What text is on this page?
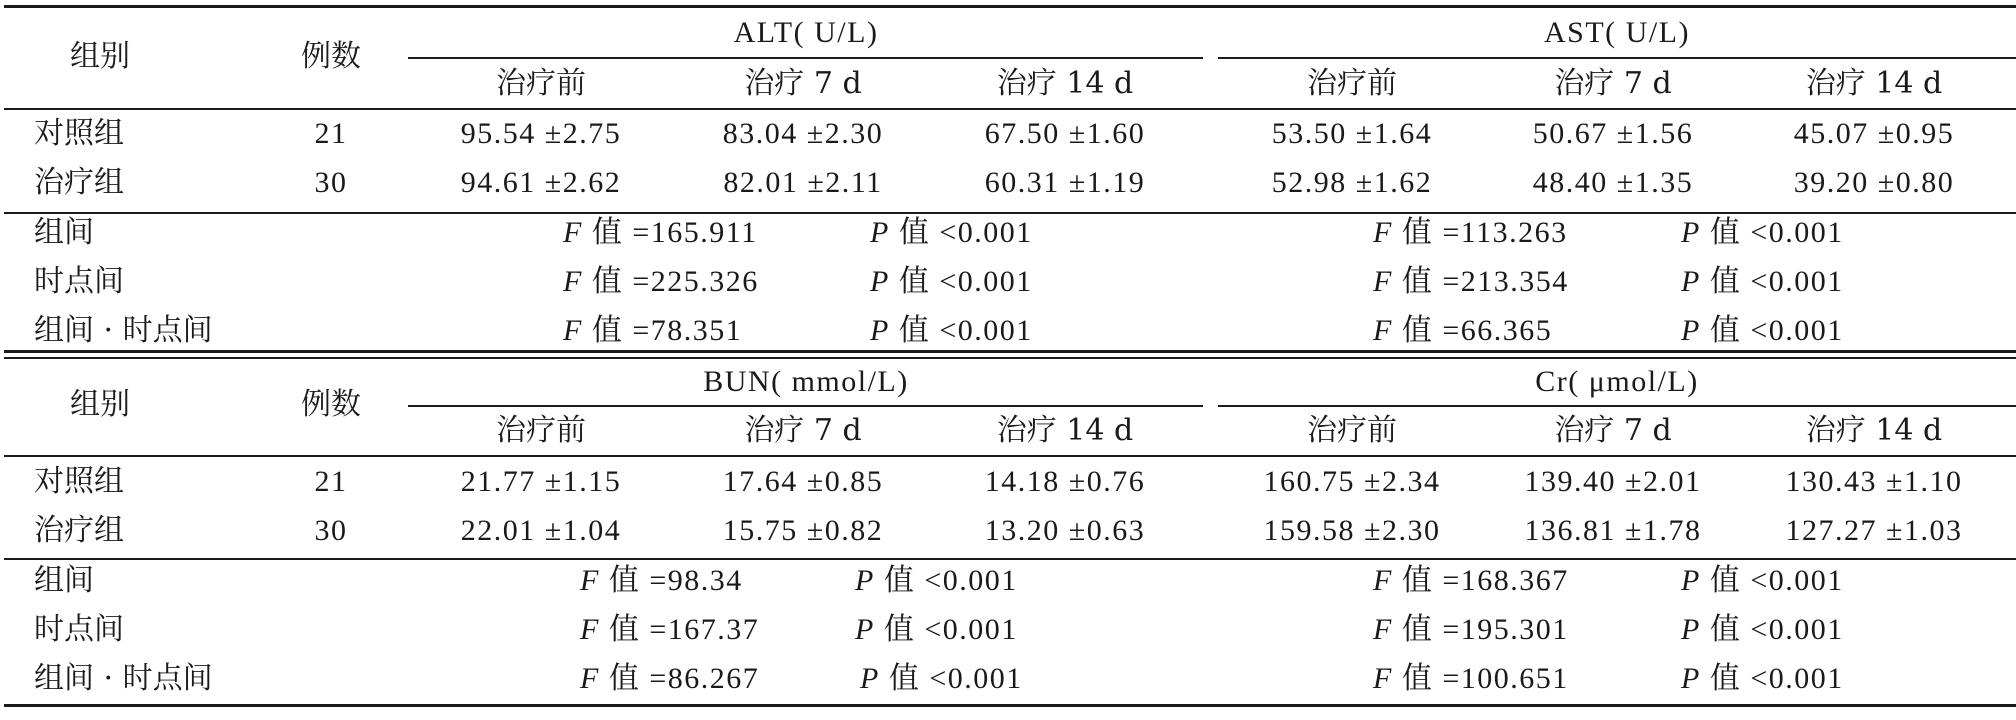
组别	例数
ALT( U/L)	AST( U/L)
治疗前	治疗 7 d	治疗 14 d	治疗前	治疗 7 d	治疗 14 d
对照组	21	95.54 ±2.75	83.04 ±2.30	67.50 ±1.60	53.50 ±1.64	50.67 ±1.56	45.07 ±0.95
治疗组	30	94.61 ±2.62	82.01 ±2.11	60.31 ±1.19	52.98 ±1.62	48.40 ±1.35	39.20 ±0.80
组间	F 值 =165.911	P 值 <0.001	F 值 =113.263	P 值 <0.001
时点间	F 值 =225.326	P 值 <0.001	F 值 =213.354	P 值 <0.001
组间 · 时点间	F 值 =78.351	P 值 <0.001	F 值 =66.365	P 值 <0.001
组别	例数
BUN( mmol/L)	Cr( μmol/L)
治疗前	治疗 7 d	治疗 14 d	治疗前	治疗 7 d	治疗 14 d
对照组	21	21.77 ±1.15	17.64 ±0.85	14.18 ±0.76	160.75 ±2.34	139.40 ±2.01	130.43 ±1.10
治疗组	30	22.01 ±1.04	15.75 ±0.82	13.20 ±0.63	159.58 ±2.30	136.81 ±1.78	127.27 ±1.03
组间	F 值 =98.34	P 值 <0.001	F 值 =168.367	P 值 <0.001
时点间	F 值 =167.37	P 值 <0.001	F 值 =195.301	P 值 <0.001
组间 · 时点间	F 值 =86.267	P 值 <0.001	F 值 =100.651	P 值 <0.001
